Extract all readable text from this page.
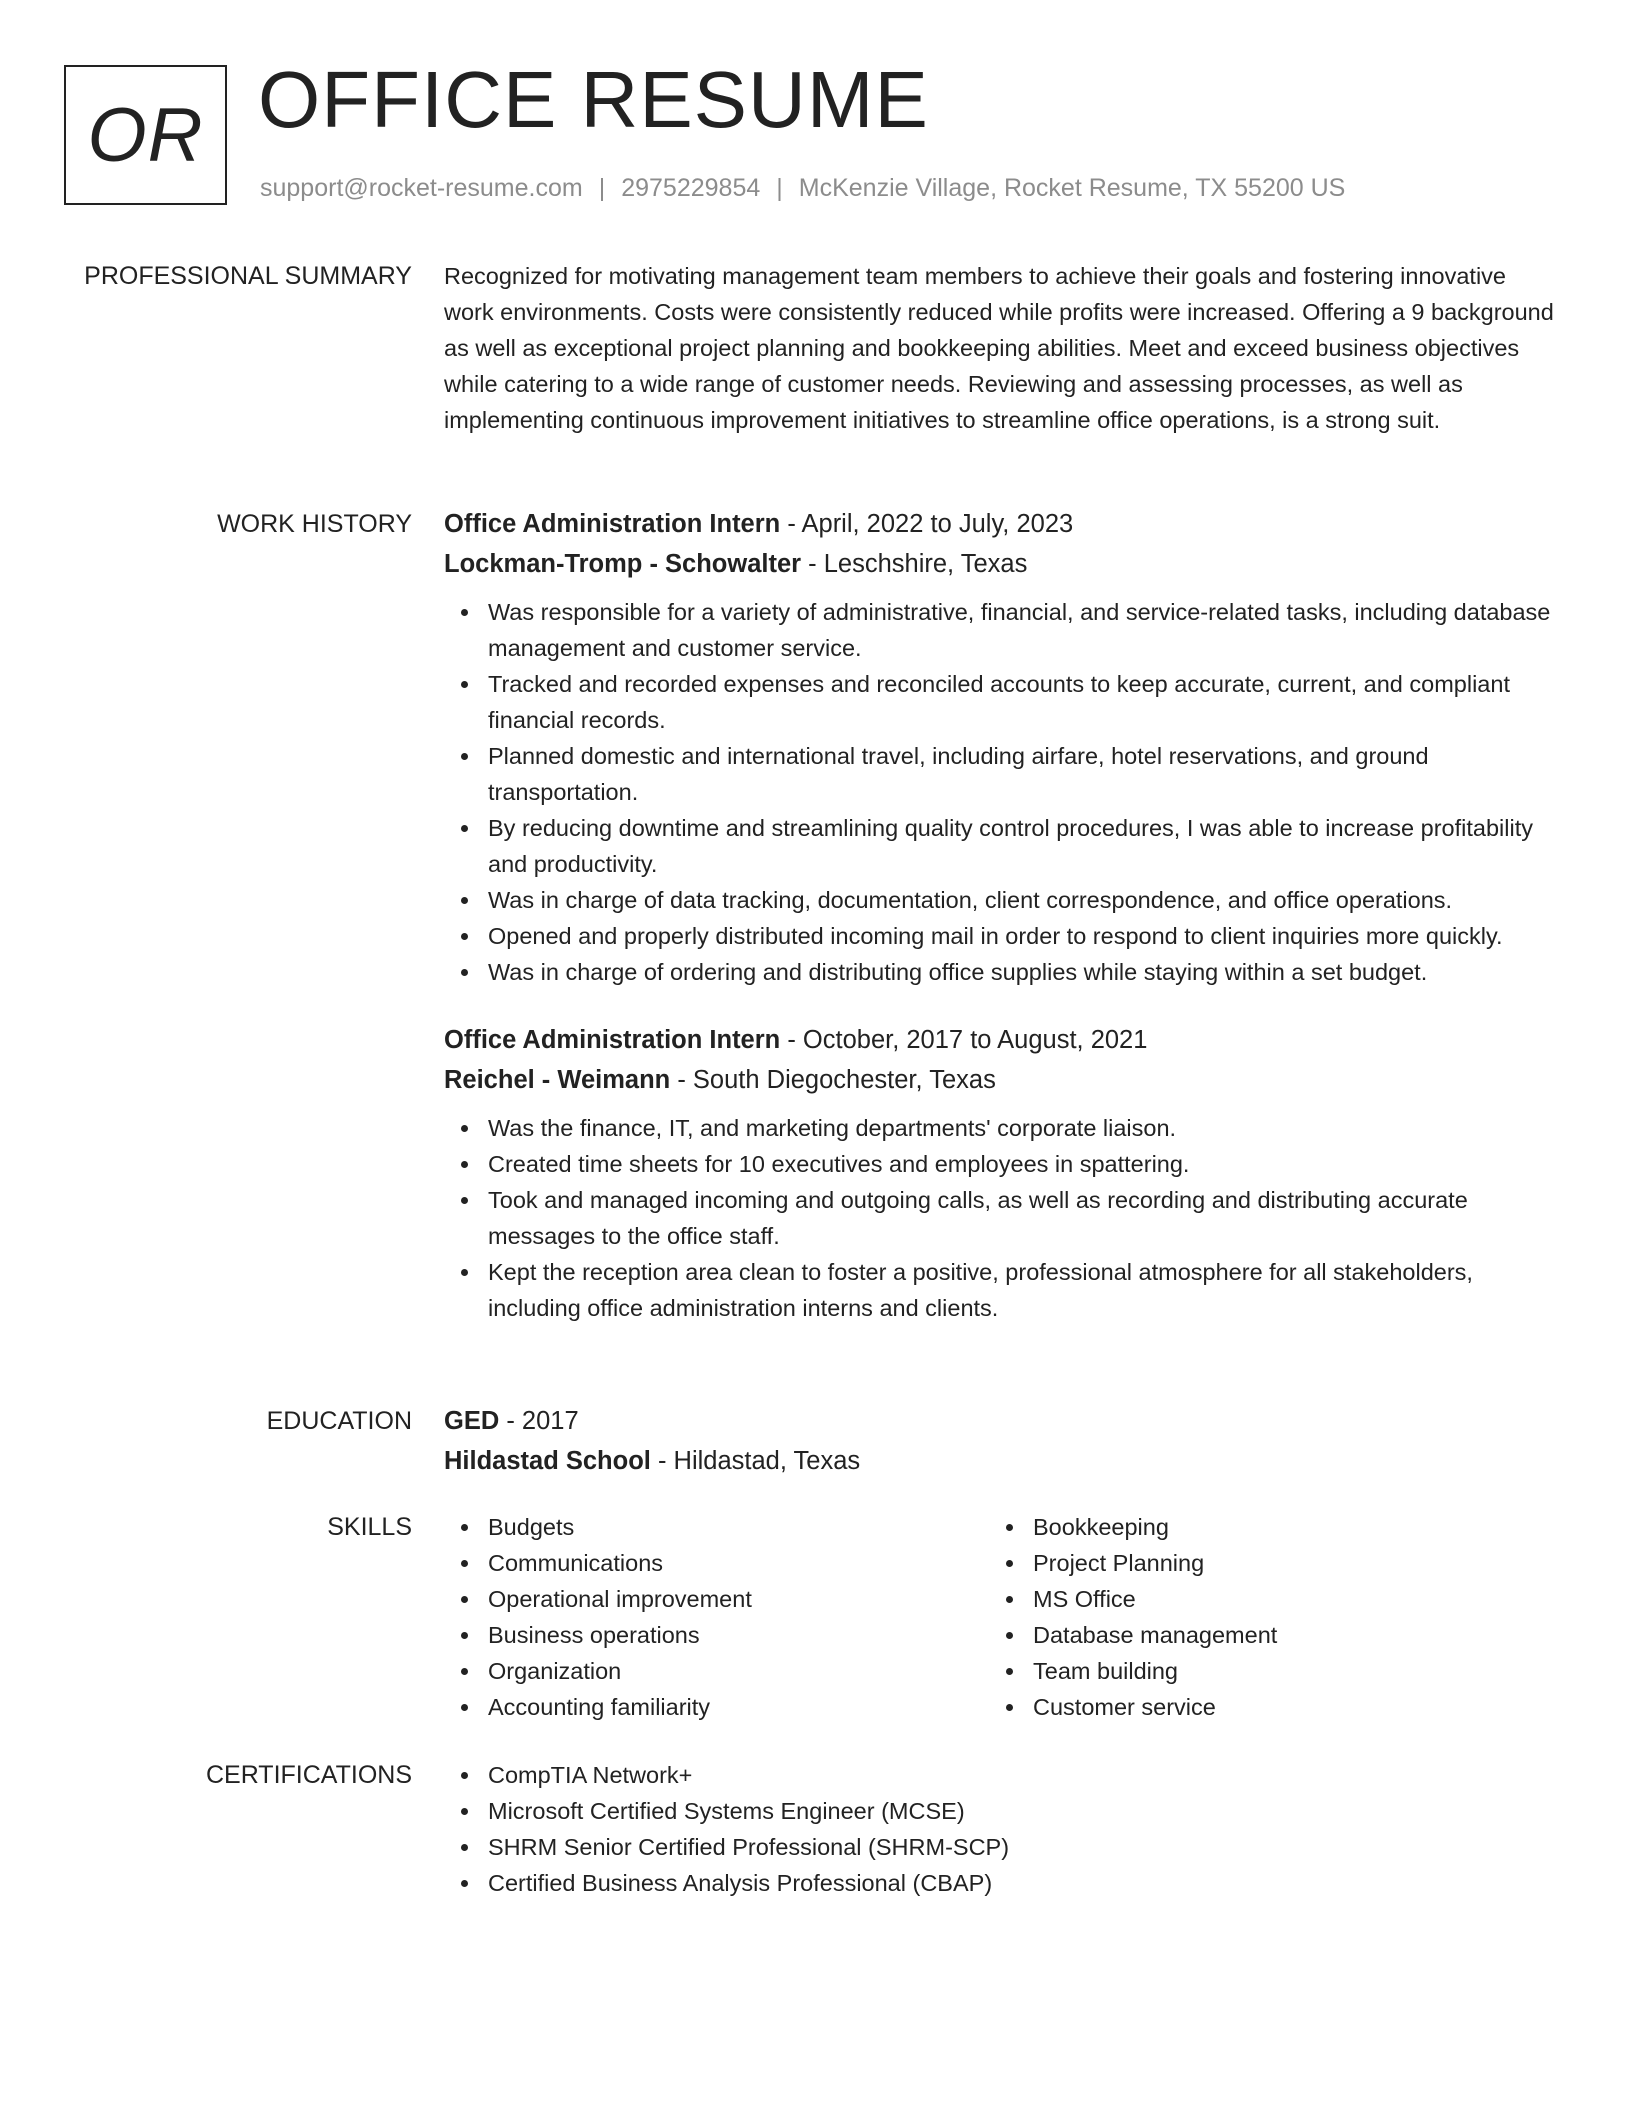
OR OFFICE RESUME
support@rocket-resume.com | 2975229854 | McKenzie Village, Rocket Resume, TX 55200 US
PROFESSIONAL SUMMARY Recognized for motivating management team members to achieve their goals and fostering innovative work environments. Costs were consistently reduced while profits were increased. Offering a 9 background as well as exceptional project planning and bookkeeping abilities. Meet and exceed business objectives while catering to a wide range of customer needs. Reviewing and assessing processes, as well as implementing continuous improvement initiatives to streamline office operations, is a strong suit.

WORK HISTORY Office Administration Intern - April, 2022 to July, 2023
Lockman-Tromp - Schowalter - Leschshire, Texas
Was responsible for a variety of administrative, financial, and service-related tasks, including database management and customer service.
Tracked and recorded expenses and reconciled accounts to keep accurate, current, and compliant financial records.
Planned domestic and international travel, including airfare, hotel reservations, and ground transportation.
By reducing downtime and streamlining quality control procedures, I was able to increase profitability and productivity.
Was in charge of data tracking, documentation, client correspondence, and office operations.
Opened and properly distributed incoming mail in order to respond to client inquiries more quickly.
Was in charge of ordering and distributing office supplies while staying within a set budget.
Office Administration Intern - October, 2017 to August, 2021
Reichel - Weimann - South Diegochester, Texas
Was the finance, IT, and marketing departments' corporate liaison.
Created time sheets for 10 executives and employees in spattering.
Took and managed incoming and outgoing calls, as well as recording and distributing accurate messages to the office staff.
Kept the reception area clean to foster a positive, professional atmosphere for all stakeholders, including office administration interns and clients.
EDUCATION GED - 2017
Hildastad School - Hildastad, Texas
SKILLS	Budgets
Communications
Operational improvement
Business operations
Organization
Accounting familiarity
Bookkeeping
Project Planning
MS Office
Database management
Team building
Customer service
CERTIFICATIONS	CompTIA Network+
Microsoft Certified Systems Engineer (MCSE)
SHRM Senior Certified Professional (SHRM-SCP)
Certified Business Analysis Professional (CBAP)
